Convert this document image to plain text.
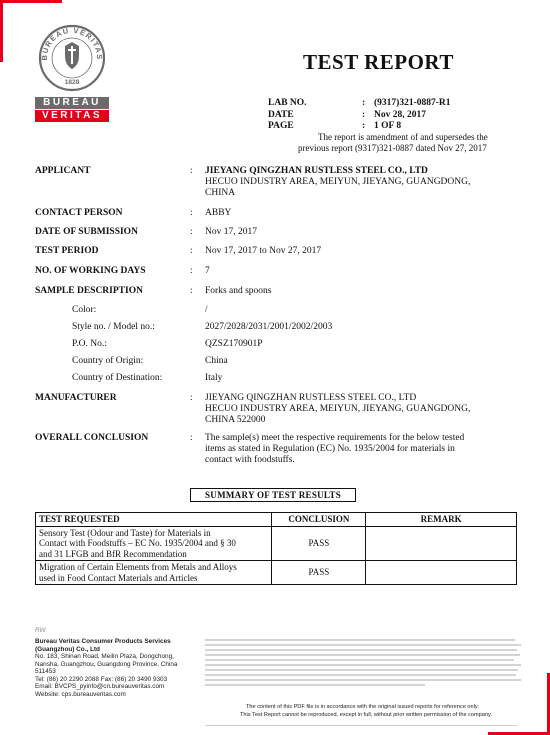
BUREAU VERITAS
1828
BUREAU
VERITAS
TEST REPORT
LAB NO.	: (9317)321-0887-R1
DATE	: Nov 28, 2017
PAGE	: 1 OF 8
The report is amendment of and supersedes the
previous report (9317)321-0887 dated Nov 27, 2017
APPLICANT	: JIEYANG QINGZHAN RUSTLESS STEEL CO., LTD
HECUO INDUSTRY AREA, MEIYUN, JIEYANG, GUANGDONG,
CHINA
CONTACT PERSON	: ABBY
DATE OF SUBMISSION	: Nov 17, 2017
TEST PERIOD	: Nov 17, 2017 to Nov 27, 2017
NO. OF WORKING DAYS	: 7
SAMPLE DESCRIPTION	: Forks and spoons
Color:	/
Style no. / Model no.:	2027/2028/2031/2001/2002/2003
P.O. No.:	QZSZ170901P
Country of Origin:	China
Country of Destination:	Italy
MANUFACTURER	: JIEYANG QINGZHAN RUSTLESS STEEL CO., LTD
HECUO INDUSTRY AREA, MEIYUN, JIEYANG, GUANGDONG,
CHINA 522000
OVERALL CONCLUSION	: The sample(s) meet the respective requirements for the below tested
items as stated in Regulation (EC) No. 1935/2004 for materials in
contact with foodstuffs.
SUMMARY OF TEST RESULTS
TEST REQUESTED	CONCLUSION	REMARK

Sensory Test (Odour and Taste) for Materials in
Contact with Foodstuffs – EC No. 1935/2004 and § 30
and 31 LFGB and BfR Recommendation	PASS	

Migration of Certain Elements from Metals and Alloys
used in Food Contact Materials and Articles	PASS	
RW
Bureau Veritas Consumer Products Services
(Guangzhou) Co., Ltd
No. 183, Shinan Road, Meilin Plaza, Dongchong,
Nansha, Guangzhou, Guangdong Province, China
511453
Tel: (86) 20 2290 2088 Fax: (86) 20 3490 9303
Email: BVCPS_pyinfo@cn.bureauveritas.com
Website: cps.bureauveritas.com
The content of this PDF file is in accordance with the original issued reports for reference only.
This Test Report cannot be reproduced, except in full, without prior written permission of the company.
